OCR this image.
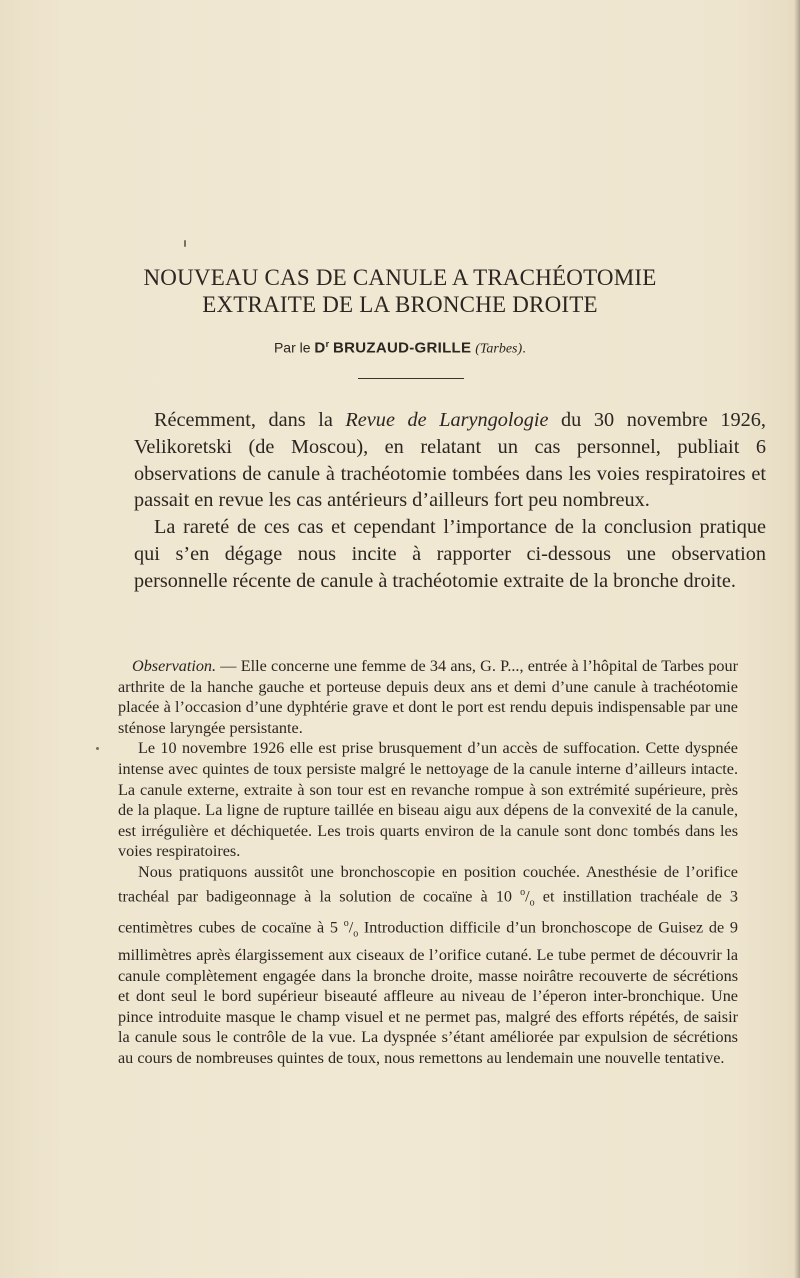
NOUVEAU CAS DE CANULE A TRACHÉOTOMIE
EXTRAITE DE LA BRONCHE DROITE
Par le $D^r$ BRUZAUD-GRILLE (Tarbes).

Récemment, dans la Revue de Laryngologie du 30 novembre 1926, Velikoretski (de Moscou), en relatant un cas personnel, publiait 6 observations de canule à trachéotomie tombées dans les voies respiratoires et passait en revue les cas antérieurs d’ailleurs fort peu nombreux.

La rareté de ces cas et cependant l’importance de la conclusion pratique qui s’en dégage nous incite à rapporter ci-dessous une observation personnelle récente de canule à trachéotomie extraite de la bronche droite.

Observation. — Elle concerne une femme de 34 ans, G. P..., entrée à l’hôpital de Tarbes pour arthrite de la hanche gauche et porteuse depuis deux ans et demi d’une canule à trachéotomie placée à l’occasion d’une dyphtérie grave et dont le port est rendu depuis indispensable par une sténose laryngée persistante.

Le 10 novembre 1926 elle est prise brusquement d’un accès de suffocation. Cette dyspnée intense avec quintes de toux persiste malgré le nettoyage de la canule interne d’ailleurs intacte. La canule externe, extraite à son tour est en revanche rompue à son extrémité supérieure, près de la plaque. La ligne de rupture taillée en biseau aigu aux dépens de la convexité de la canule, est irrégulière et déchiquetée. Les trois quarts environ de la canule sont donc tombés dans les voies respiratoires.

Nous pratiquons aussitôt une bronchoscopie en position couchée. Anesthésie de l’orifice trachéal par badigeonnage à la solution de cocaïne à 10 $^o/_o$ et instillation trachéale de 3 centimètres cubes de cocaïne à 5 $^o/_o$ Introduction difficile d’un bronchoscope de Guisez de 9 millimètres après élargissement aux ciseaux de l’orifice cutané. Le tube permet de découvrir la canule complètement engagée dans la bronche droite, masse noirâtre recouverte de sécrétions et dont seul le bord supérieur biseauté affleure au niveau de l’éperon inter-bronchique. Une pince introduite masque le champ visuel et ne permet pas, malgré des efforts répétés, de saisir la canule sous le contrôle de la vue. La dyspnée s’étant améliorée par expulsion de sécrétions au cours de nombreuses quintes de toux, nous remettons au lendemain une nouvelle tentative.
